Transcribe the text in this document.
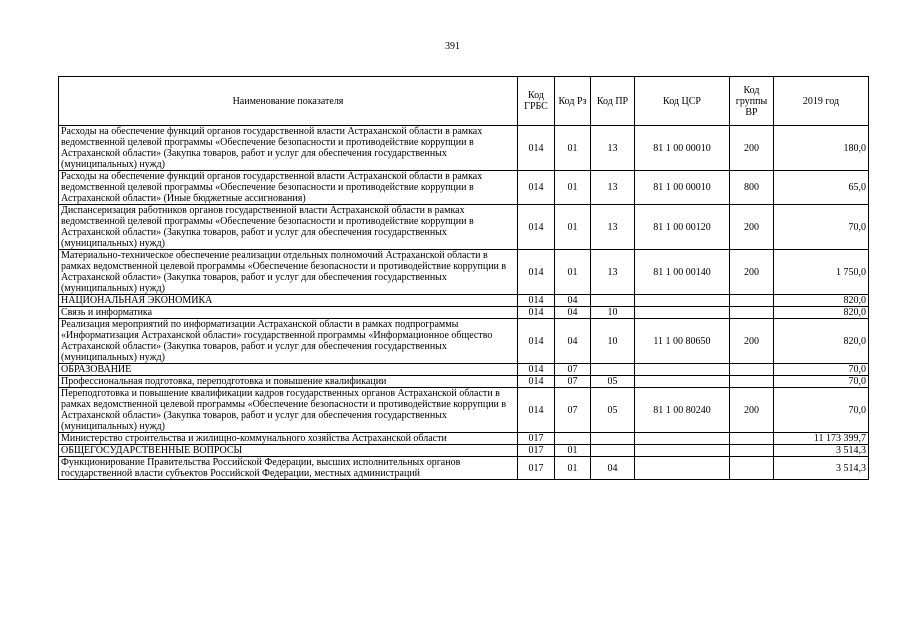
391
Наименование показателя	Код ГРБС	Код Рз	Код ПР	Код ЦСР	Код группы ВР	2019 год
Расходы на обеспечение функций органов государственной власти Астраханской области в рамках ведомственной целевой программы «Обеспечение безопасности и противодействие коррупции в Астраханской области» (Закупка товаров, работ и услуг для обеспечения государственных (муниципальных) нужд)	014	01	13	81 1 00 00010	200	180,0
Расходы на обеспечение функций органов государственной власти Астраханской области в рамках ведомственной целевой программы «Обеспечение безопасности и противодействие коррупции в Астраханской области» (Иные бюджетные ассигнования)	014	01	13	81 1 00 00010	800	65,0
Диспансеризация работников органов государственной власти Астраханской области в рамках ведомственной целевой программы «Обеспечение безопасности и противодействие коррупции в Астраханской области» (Закупка товаров, работ и услуг для обеспечения государственных (муниципальных) нужд)	014	01	13	81 1 00 00120	200	70,0
Материально-техническое обеспечение реализации отдельных полномочий Астраханской области в рамках ведомственной целевой программы «Обеспечение безопасности и противодействие коррупции в Астраханской области» (Закупка товаров, работ и услуг для обеспечения государственных (муниципальных) нужд)	014	01	13	81 1 00 00140	200	1 750,0
НАЦИОНАЛЬНАЯ ЭКОНОМИКА	014	04				820,0
Связь и информатика	014	04	10			820,0
Реализация мероприятий по информатизации Астраханской области в рамках подпрограммы «Информатизация Астраханской области» государственной программы «Информационное общество Астраханской области» (Закупка товаров, работ и услуг для обеспечения государственных (муниципальных) нужд)	014	04	10	11 1 00 80650	200	820,0
ОБРАЗОВАНИЕ	014	07				70,0
Профессиональная подготовка, переподготовка и повышение квалификации	014	07	05			70,0
Переподготовка и повышение квалификации кадров государственных органов Астраханской области в рамках ведомственной целевой программы «Обеспечение безопасности и противодействие коррупции в Астраханской области» (Закупка товаров, работ и услуг для обеспечения государственных (муниципальных) нужд)	014	07	05	81 1 00 80240	200	70,0
Министерство строительства и жилищно-коммунального хозяйства Астраханской области	017					11 173 399,7
ОБЩЕГОСУДАРСТВЕННЫЕ ВОПРОСЫ	017	01				3 514,3
Функционирование Правительства Российской Федерации, высших исполнительных органов государственной власти субъектов Российской Федерации, местных администраций	017	01	04			3 514,3
